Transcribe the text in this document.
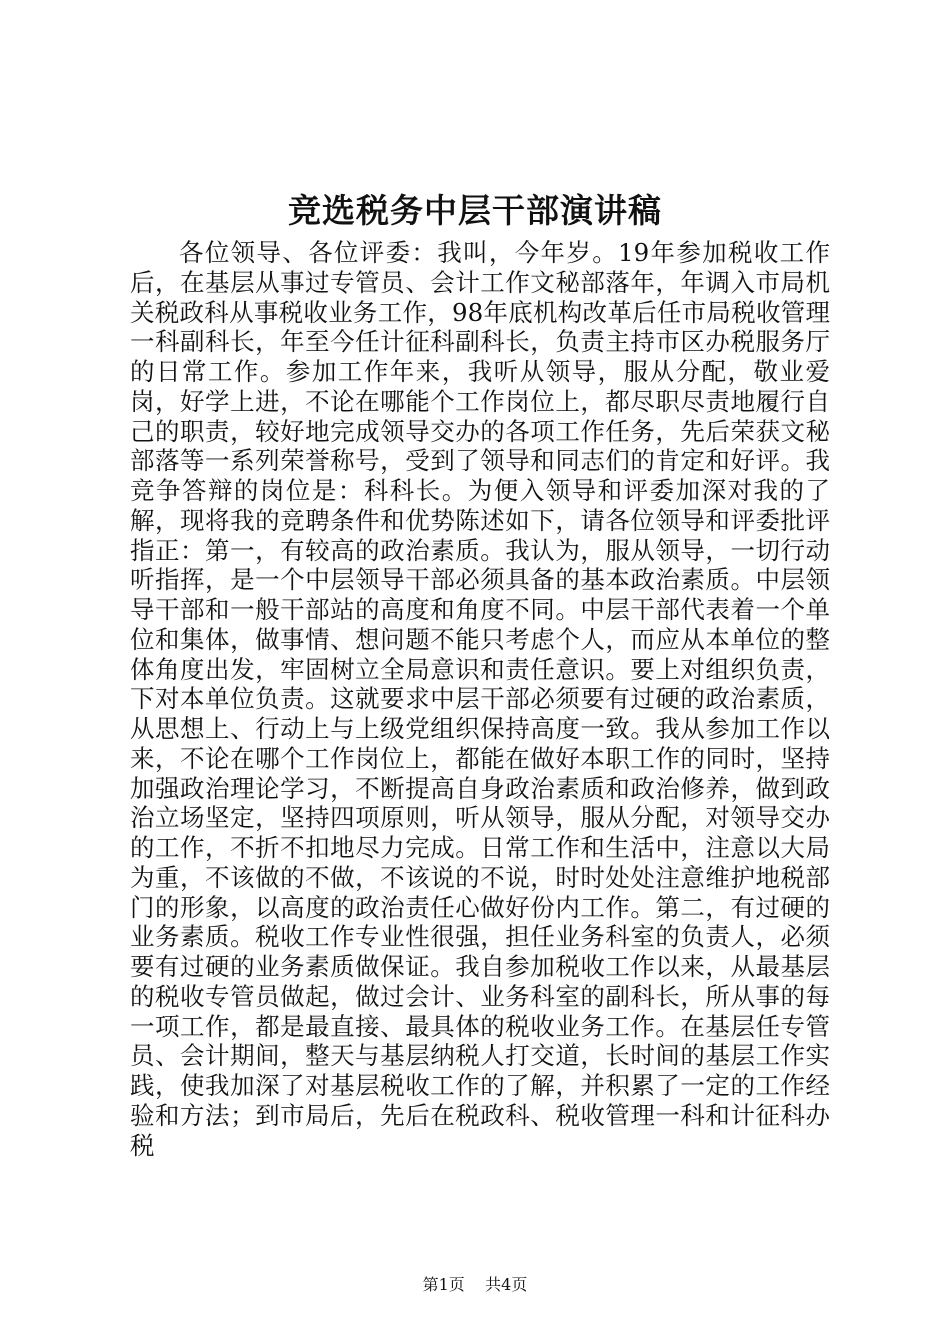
竞选税务中层干部演讲稿

各位领导、各位评委：我叫，今年岁。19年参加税收工作后，在基层从事过专管员、会计工作文秘部落年，年调入市局机关税政科从事税收业务工作，98年底机构改革后任市局税收管理一科副科长，年至今任计征科副科长，负责主持市区办税服务厅的日常工作。参加工作年来，我听从领导，服从分配，敬业爱岗，好学上进，不论在哪能个工作岗位上，都尽职尽责地履行自己的职责，较好地完成领导交办的各项工作任务，先后荣获文秘部落等一系列荣誉称号，受到了领导和同志们的肯定和好评。我竞争答辩的岗位是：科科长。为便入领导和评委加深对我的了解，现将我的竞聘条件和优势陈述如下，请各位领导和评委批评指正：第一，有较高的政治素质。我认为，服从领导，一切行动听指挥，是一个中层领导干部必须具备的基本政治素质。中层领导干部和一般干部站的高度和角度不同。中层干部代表着一个单位和集体，做事情、想问题不能只考虑个人，而应从本单位的整体角度出发，牢固树立全局意识和责任意识。要上对组织负责，下对本单位负责。这就要求中层干部必须要有过硬的政治素质，从思想上、行动上与上级党组织保持高度一致。我从参加工作以来，不论在哪个工作岗位上，都能在做好本职工作的同时，坚持加强政治理论学习，不断提高自身政治素质和政治修养，做到政治立场坚定，坚持四项原则，听从领导，服从分配，对领导交办的工作，不折不扣地尽力完成。日常工作和生活中，注意以大局为重，不该做的不做，不该说的不说，时时处处注意维护地税部门的形象，以高度的政治责任心做好份内工作。第二，有过硬的业务素质。税收工作专业性很强，担任业务科室的负责人，必须要有过硬的业务素质做保证。我自参加税收工作以来，从最基层的税收专管员做起，做过会计、业务科室的副科长，所从事的每一项工作，都是最直接、最具体的税收业务工作。在基层任专管员、会计期间，整天与基层纳税人打交道，长时间的基层工作实践，使我加深了对基层税收工作的了解，并积累了一定的工作经验和方法；到市局后，先后在税政科、税收管理一科和计征科办税

第1页 共4页
